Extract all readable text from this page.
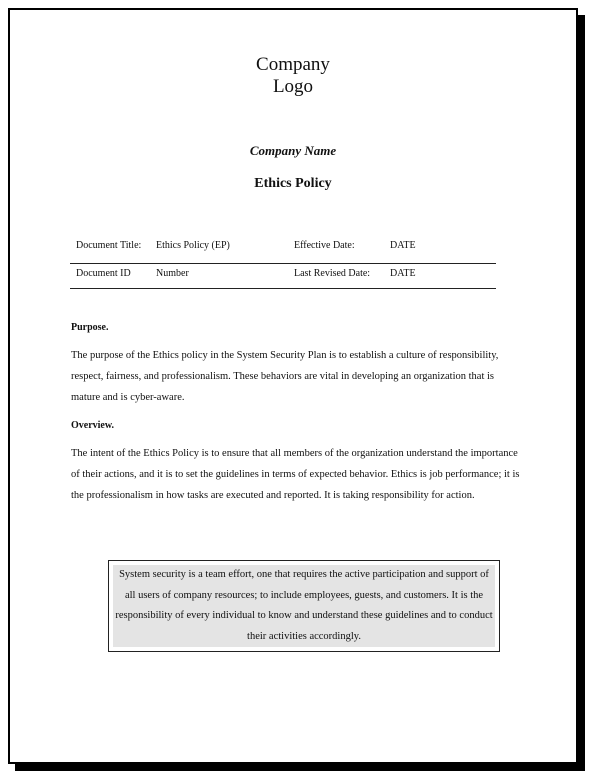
Company
Logo
Company Name
Ethics Policy
Document Title: Ethics Policy (EP)	Effective Date:	DATE
Document ID	Number	Last Revised Date: DATE
Purpose.
The purpose of the Ethics policy in the System Security Plan is to establish a culture of responsibility, respect, fairness, and professionalism. These behaviors are vital in developing an organization that is mature and is cyber-aware.
Overview.
The intent of the Ethics Policy is to ensure that all members of the organization understand the importance of their actions, and it is to set the guidelines in terms of expected behavior. Ethics is job performance; it is the professionalism in how tasks are executed and reported. It is taking responsibility for action.
System security is a team effort, one that requires the active participation and support of all users of company resources; to include employees, guests, and customers. It is the responsibility of every individual to know and understand these guidelines and to conduct their activities accordingly.
